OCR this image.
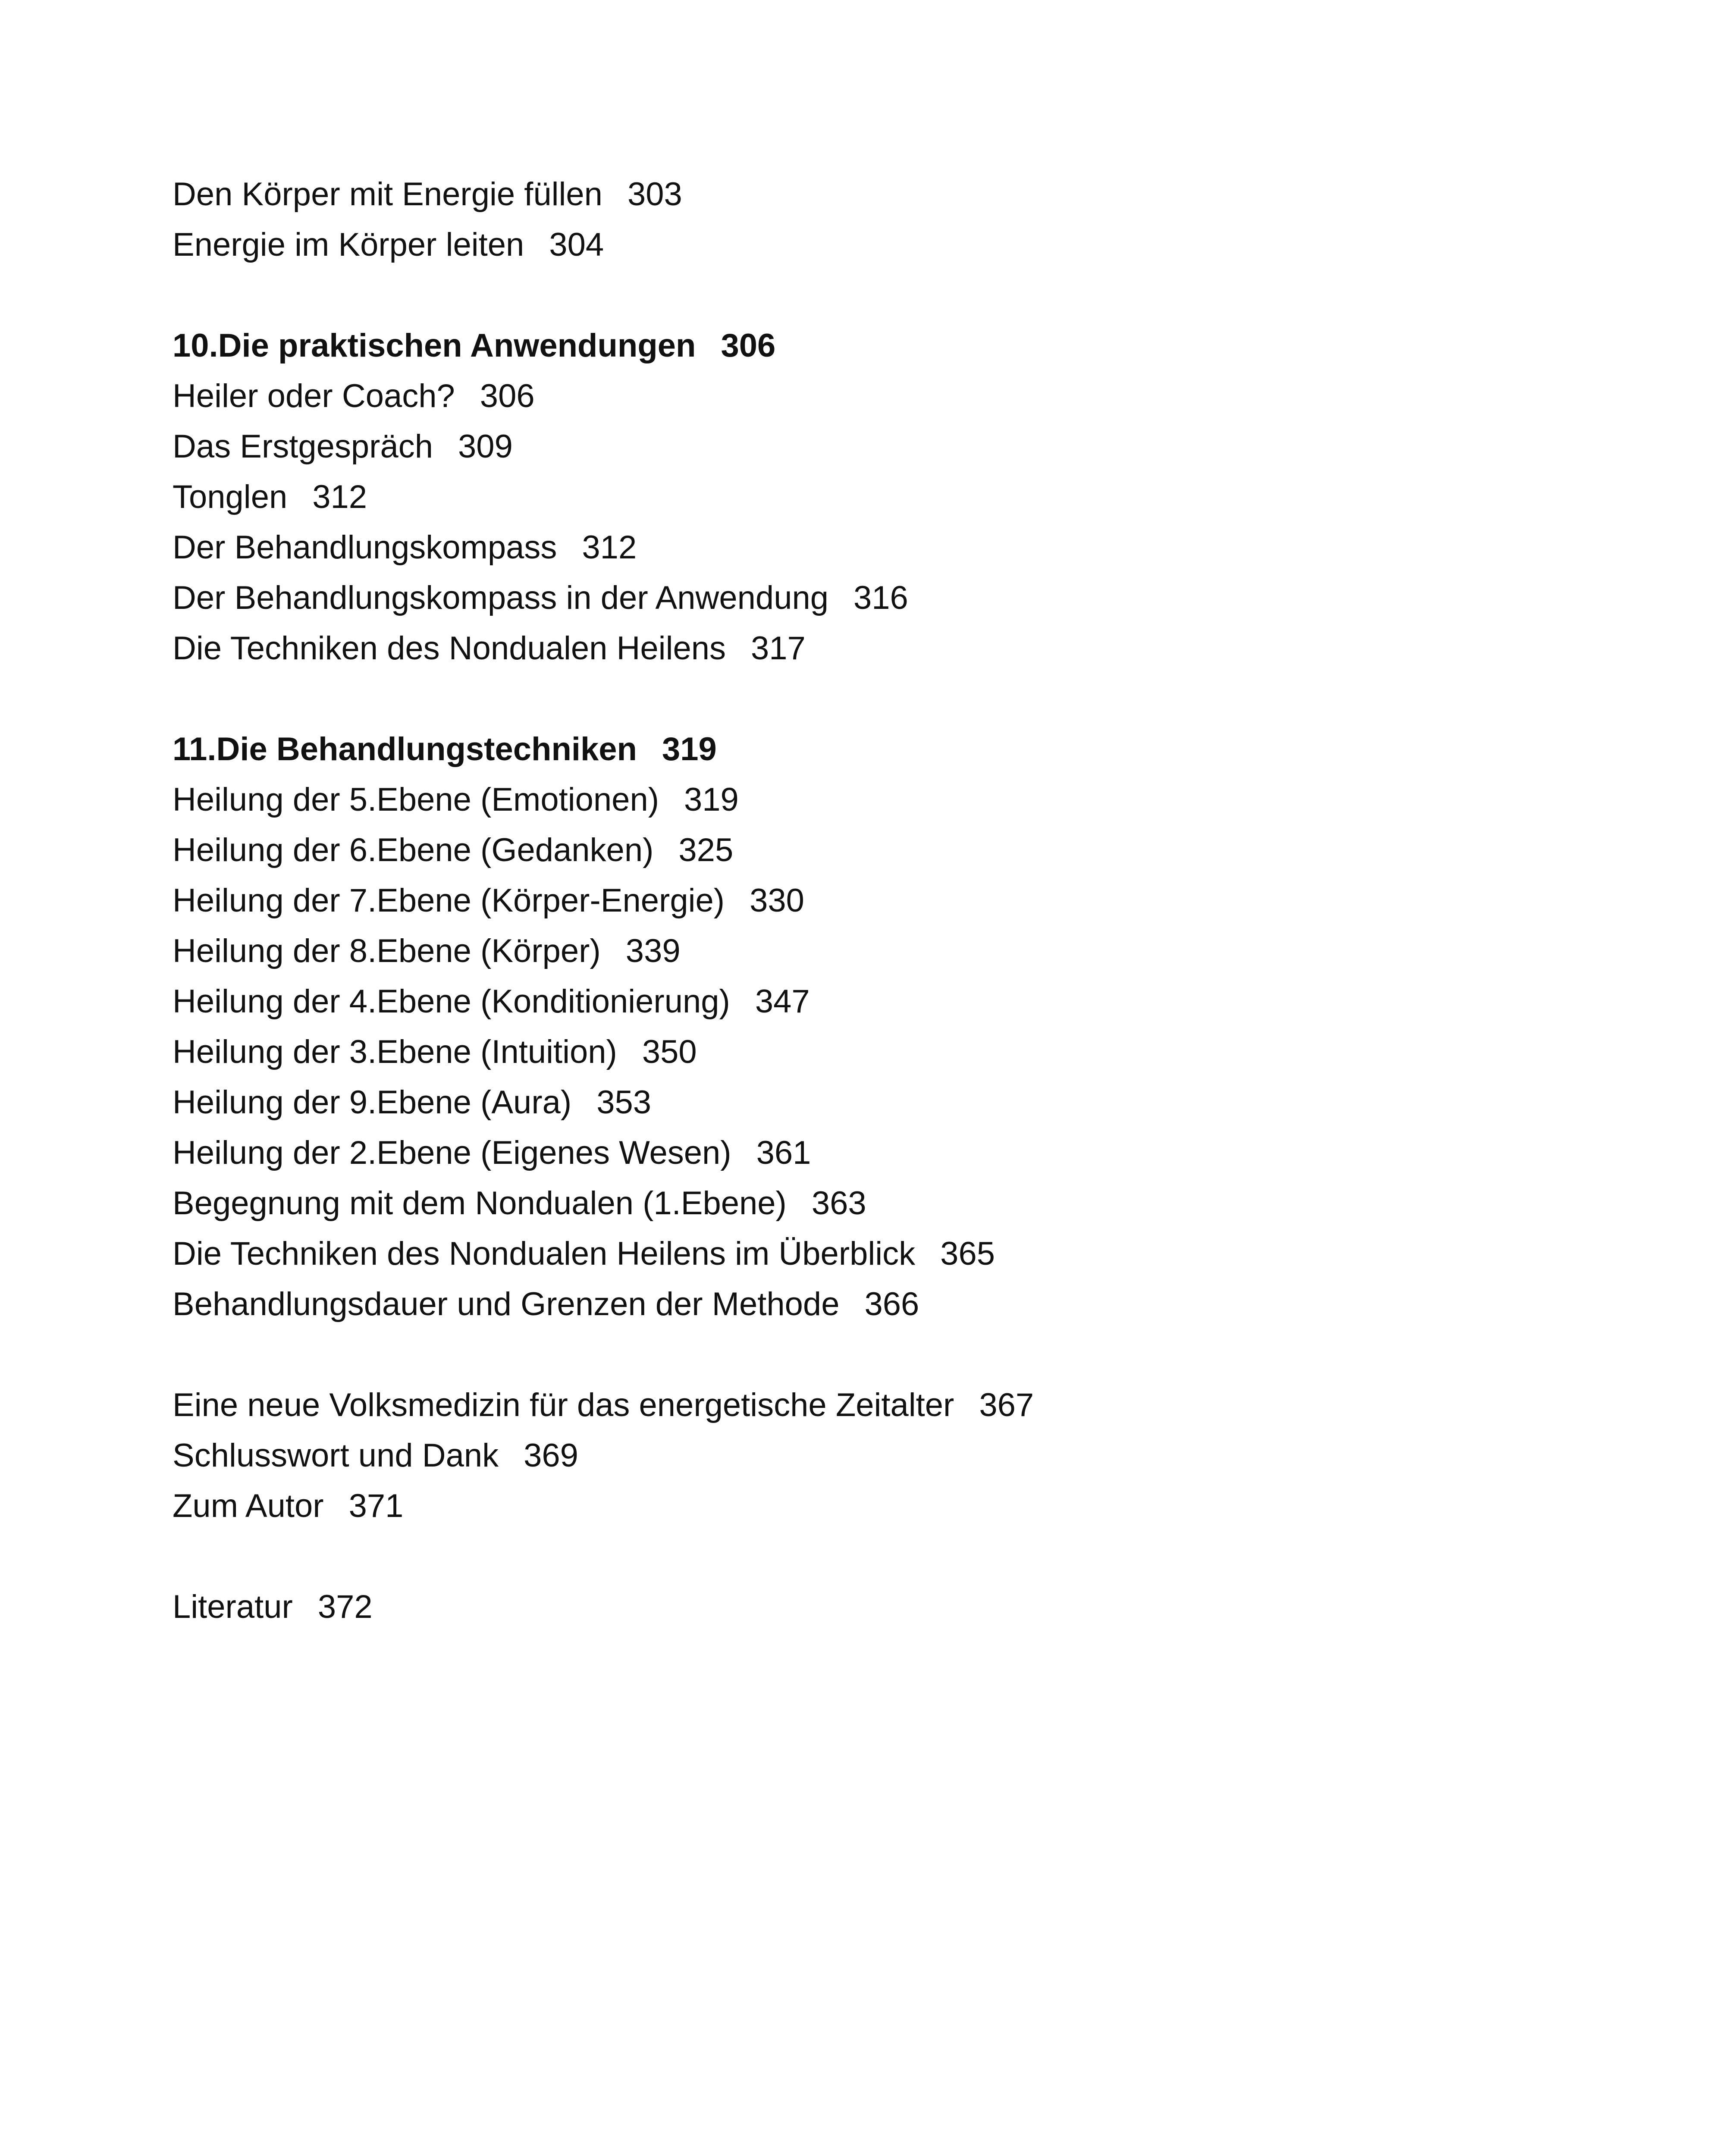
Den Körper mit Energie füllen 303
Energie im Körper leiten 304
10.Die praktischen Anwendungen 306
Heiler oder Coach? 306
Das Erstgespräch 309
Tonglen 312
Der Behandlungskompass 312
Der Behandlungskompass in der Anwendung 316
Die Techniken des Nondualen Heilens 317
11.Die Behandlungstechniken 319
Heilung der 5.Ebene (Emotionen) 319
Heilung der 6.Ebene (Gedanken) 325
Heilung der 7.Ebene (Körper-Energie) 330
Heilung der 8.Ebene (Körper) 339
Heilung der 4.Ebene (Konditionierung) 347
Heilung der 3.Ebene (Intuition) 350
Heilung der 9.Ebene (Aura) 353
Heilung der 2.Ebene (Eigenes Wesen) 361
Begegnung mit dem Nondualen (1.Ebene) 363
Die Techniken des Nondualen Heilens im Überblick 365
Behandlungsdauer und Grenzen der Methode 366
Eine neue Volksmedizin für das energetische Zeitalter 367
Schlusswort und Dank 369
Zum Autor 371
Literatur 372
